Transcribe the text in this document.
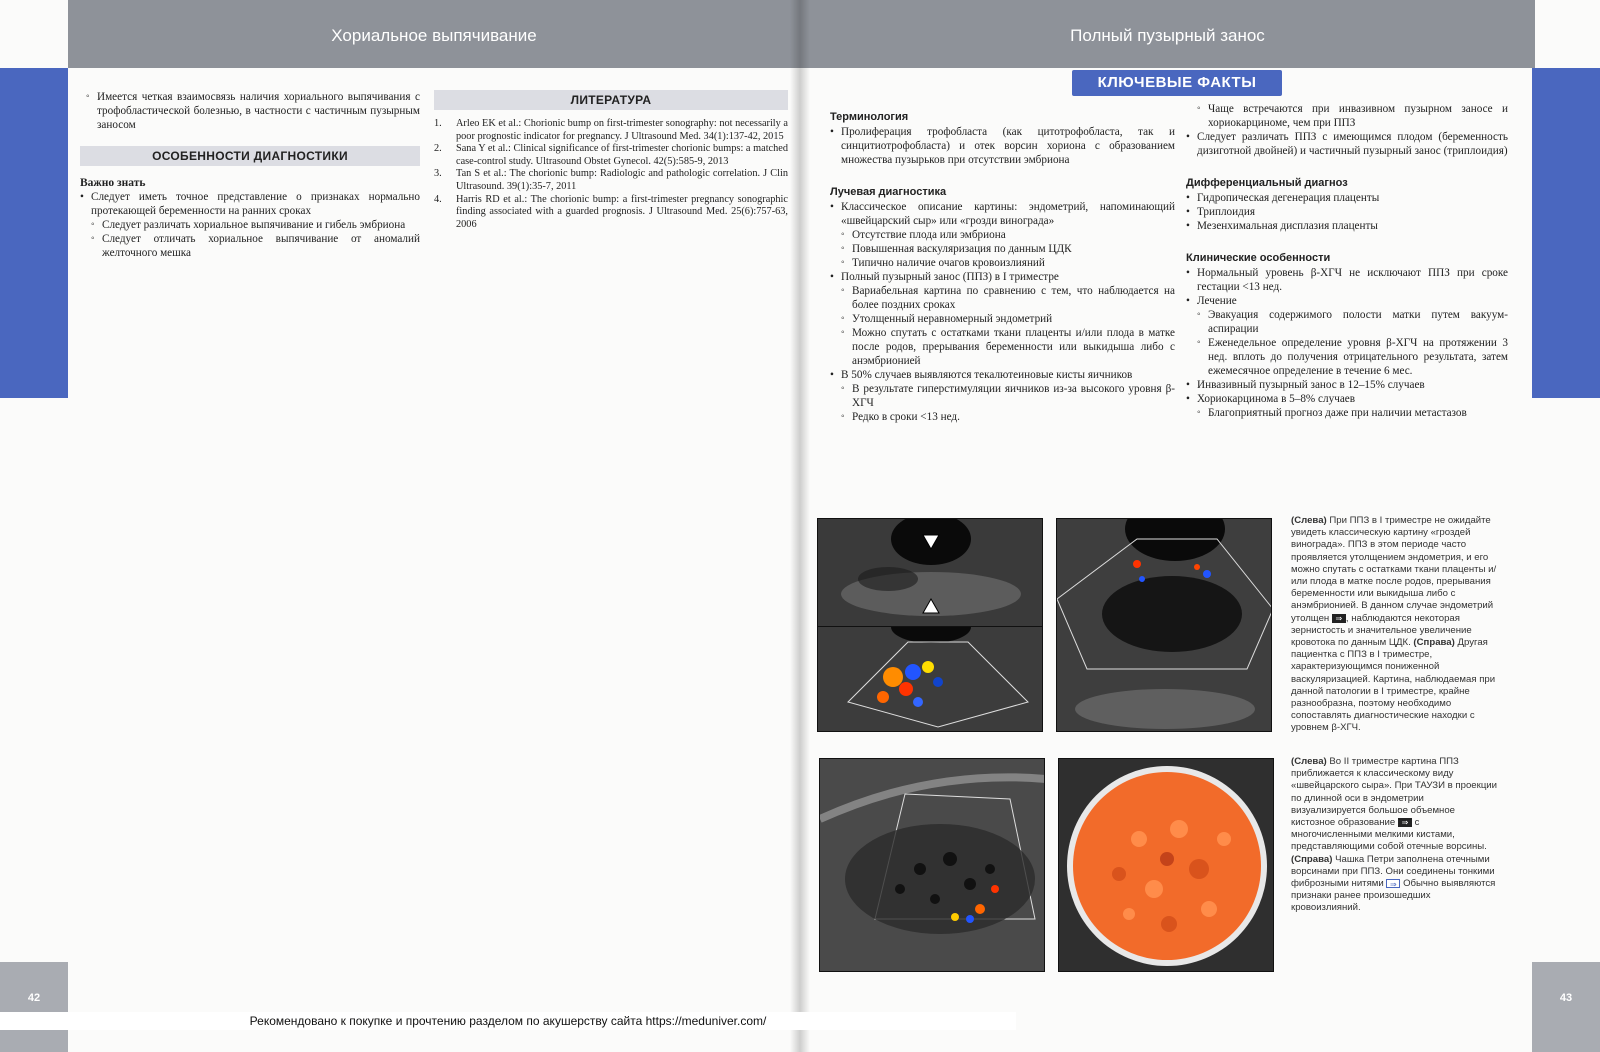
Хориальное выпячивание
42
◦ Имеется четкая взаимосвязь наличия хориального выпячивания с трофобластической болезнью, в частности с частичным пузырным заносом
ОСОБЕННОСТИ ДИАГНОСТИКИ
Важно знать
• Следует иметь точное представление о признаках нормально протекающей беременности на ранних сроках
◦ Следует различать хориальное выпячивание и гибель эмбриона
◦ Следует отличать хориальное выпячивание от аномалий желточного мешка
ЛИТЕРАТУРА
1. Arleo EK et al.: Chorionic bump on first-trimester sonography: not necessarily a poor prognostic indicator for pregnancy. J Ultrasound Med. 34(1):137-42, 2015
2. Sana Y et al.: Clinical significance of first-trimester chorionic bumps: a matched case-control study. Ultrasound Obstet Gynecol. 42(5):585-9, 2013
3. Tan S et al.: The chorionic bump: Radiologic and pathologic correlation. J Clin Ultrasound. 39(1):35-7, 2011
4. Harris RD et al.: The chorionic bump: a first-trimester pregnancy sonographic finding associated with a guarded prognosis. J Ultrasound Med. 25(6):757-63, 2006
Полный пузырный занос
43
КЛЮЧЕВЫЕ ФАКТЫ
Терминология
• Пролиферация трофобласта (как цитотрофобласта, так и синцитиотрофобласта) и отек ворсин хориона с образованием множества пузырьков при отсутствии эмбриона
Лучевая диагностика
• Классическое описание картины: эндометрий, напоминающий «швейцарский сыр» или «грозди винограда»
◦ Отсутствие плода или эмбриона
◦ Повышенная васкуляризация по данным ЦДК
◦ Типично наличие очагов кровоизлияний
• Полный пузырный занос (ППЗ) в I триместре
◦ Вариабельная картина по сравнению с тем, что наблюдается на более поздних сроках
◦ Утолщенный неравномерный эндометрий
◦ Можно спутать с остатками ткани плаценты и/или плода в матке после родов, прерывания беременности или выкидыша либо с анэмбрионией
• В 50% случаев выявляются текалютеиновые кисты яичников
◦ В результате гиперстимуляции яичников из-за высокого уровня β-ХГЧ
◦ Редко в сроки <13 нед.
◦ Чаще встречаются при инвазивном пузырном заносе и хориокарциноме, чем при ППЗ
• Следует различать ППЗ с имеющимся плодом (беременность дизиготной двойней) и частичный пузырный занос (триплоидия)
Дифференциальный диагноз
• Гидропическая дегенерация плаценты
• Триплоидия
• Мезенхимальная дисплазия плаценты
Клинические особенности
• Нормальный уровень β-ХГЧ не исключают ППЗ при сроке гестации <13 нед.
• Лечение
◦ Эвакуация содержимого полости матки путем вакуум-аспирации
◦ Еженедельное определение уровня β-ХГЧ на протяжении 3 нед. вплоть до получения отрицательного результата, затем ежемесячное определение в течение 6 мес.
• Инвазивный пузырный занос в 12–15% случаев
• Хориокарцинома в 5–8% случаев
◦ Благоприятный прогноз даже при наличии метастазов
(Слева) При ППЗ в I триместре не ожидайте увидеть классическую картину «гроздей винограда». ППЗ в этом периоде часто проявляется утолщением эндометрия, и его можно спутать с остатками ткани плаценты и/или плода в матке после родов, прерывания беременности или выкидыша либо с анэмбрионией. В данном случае эндометрий утолщен ⇒ , наблюдаются некоторая зернистость и значительное увеличение кровотока по данным ЦДК. (Справа) Другая пациентка с ППЗ в I триместре, характеризующимся пониженной васкуляризацией. Картина, наблюдаемая при данной патологии в I триместре, крайне разнообразна, поэтому необходимо сопоставлять диагностические находки с уровнем β-ХГЧ.
(Слева) Во II триместре картина ППЗ приближается к классическому виду «швейцарского сыра». При ТАУЗИ в проекции по длинной оси в эндометрии визуализируется большое объемное кистозное образование ⇒ с многочисленными мелкими кистами, представляющими собой отечные ворсины. (Справа) Чашка Петри заполнена отечными ворсинами при ППЗ. Они соединены тонкими фиброзными нитями ⇒ Обычно выявляются признаки ранее произошедших кровоизлияний.
Рекомендовано к покупке и прочтению разделом по акушерству сайта https://meduniver.com/
